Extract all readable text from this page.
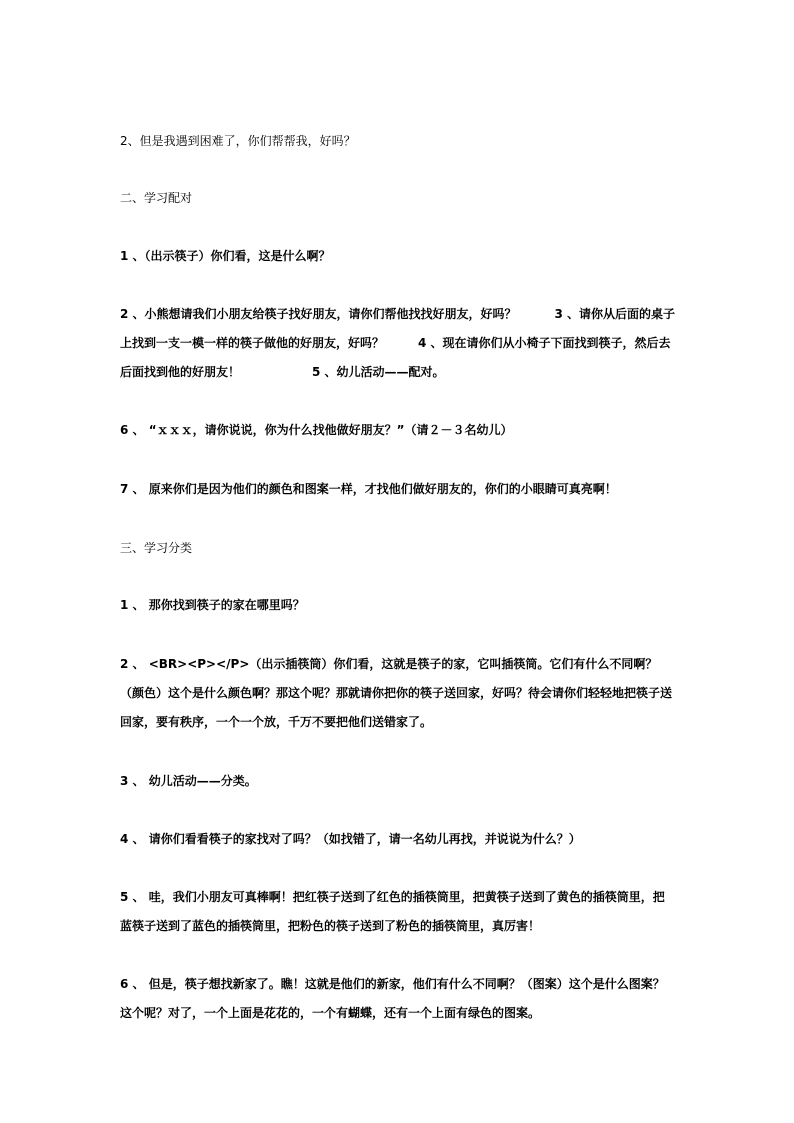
2、但是我遇到困难了，你们帮帮我，好吗？

二、学习配对

1 、（出示筷子）你们看，这是什么啊？

2 、小熊想请我们小朋友给筷子找好朋友，请你们帮他找找好朋友，好吗？	3 、请你从后面的桌子上找到一支一模一样的筷子做他的好朋友，好吗？	4 、现在请你们从小椅子下面找到筷子，然后去后面找到他的好朋友！	5 、幼儿活动——配对。

6 、 “ｘｘｘ，请你说说，你为什么找他做好朋友？”（请２－３名幼儿）

7 、 原来你们是因为他们的颜色和图案一样，才找他们做好朋友的，你们的小眼睛可真亮啊！

三、学习分类

1 、 那你找到筷子的家在哪里吗？

2 、 <BR><P></P>（出示插筷筒）你们看，这就是筷子的家，它叫插筷筒。它们有什么不同啊？（颜色）这个是什么颜色啊？那这个呢？那就请你把你的筷子送回家，好吗？待会请你们轻轻地把筷子送回家，要有秩序，一个一个放，千万不要把他们送错家了。

3 、 幼儿活动——分类。

4 、 请你们看看筷子的家找对了吗？（如找错了，请一名幼儿再找，并说说为什么？）

5 、 哇，我们小朋友可真棒啊！把红筷子送到了红色的插筷筒里，把黄筷子送到了黄色的插筷筒里，把蓝筷子送到了蓝色的插筷筒里，把粉色的筷子送到了粉色的插筷筒里，真厉害！

6 、 但是，筷子想找新家了。瞧！这就是他们的新家，他们有什么不同啊？（图案）这个是什么图案？这个呢？对了，一个上面是花花的，一个有蝴蝶，还有一个上面有绿色的图案。
